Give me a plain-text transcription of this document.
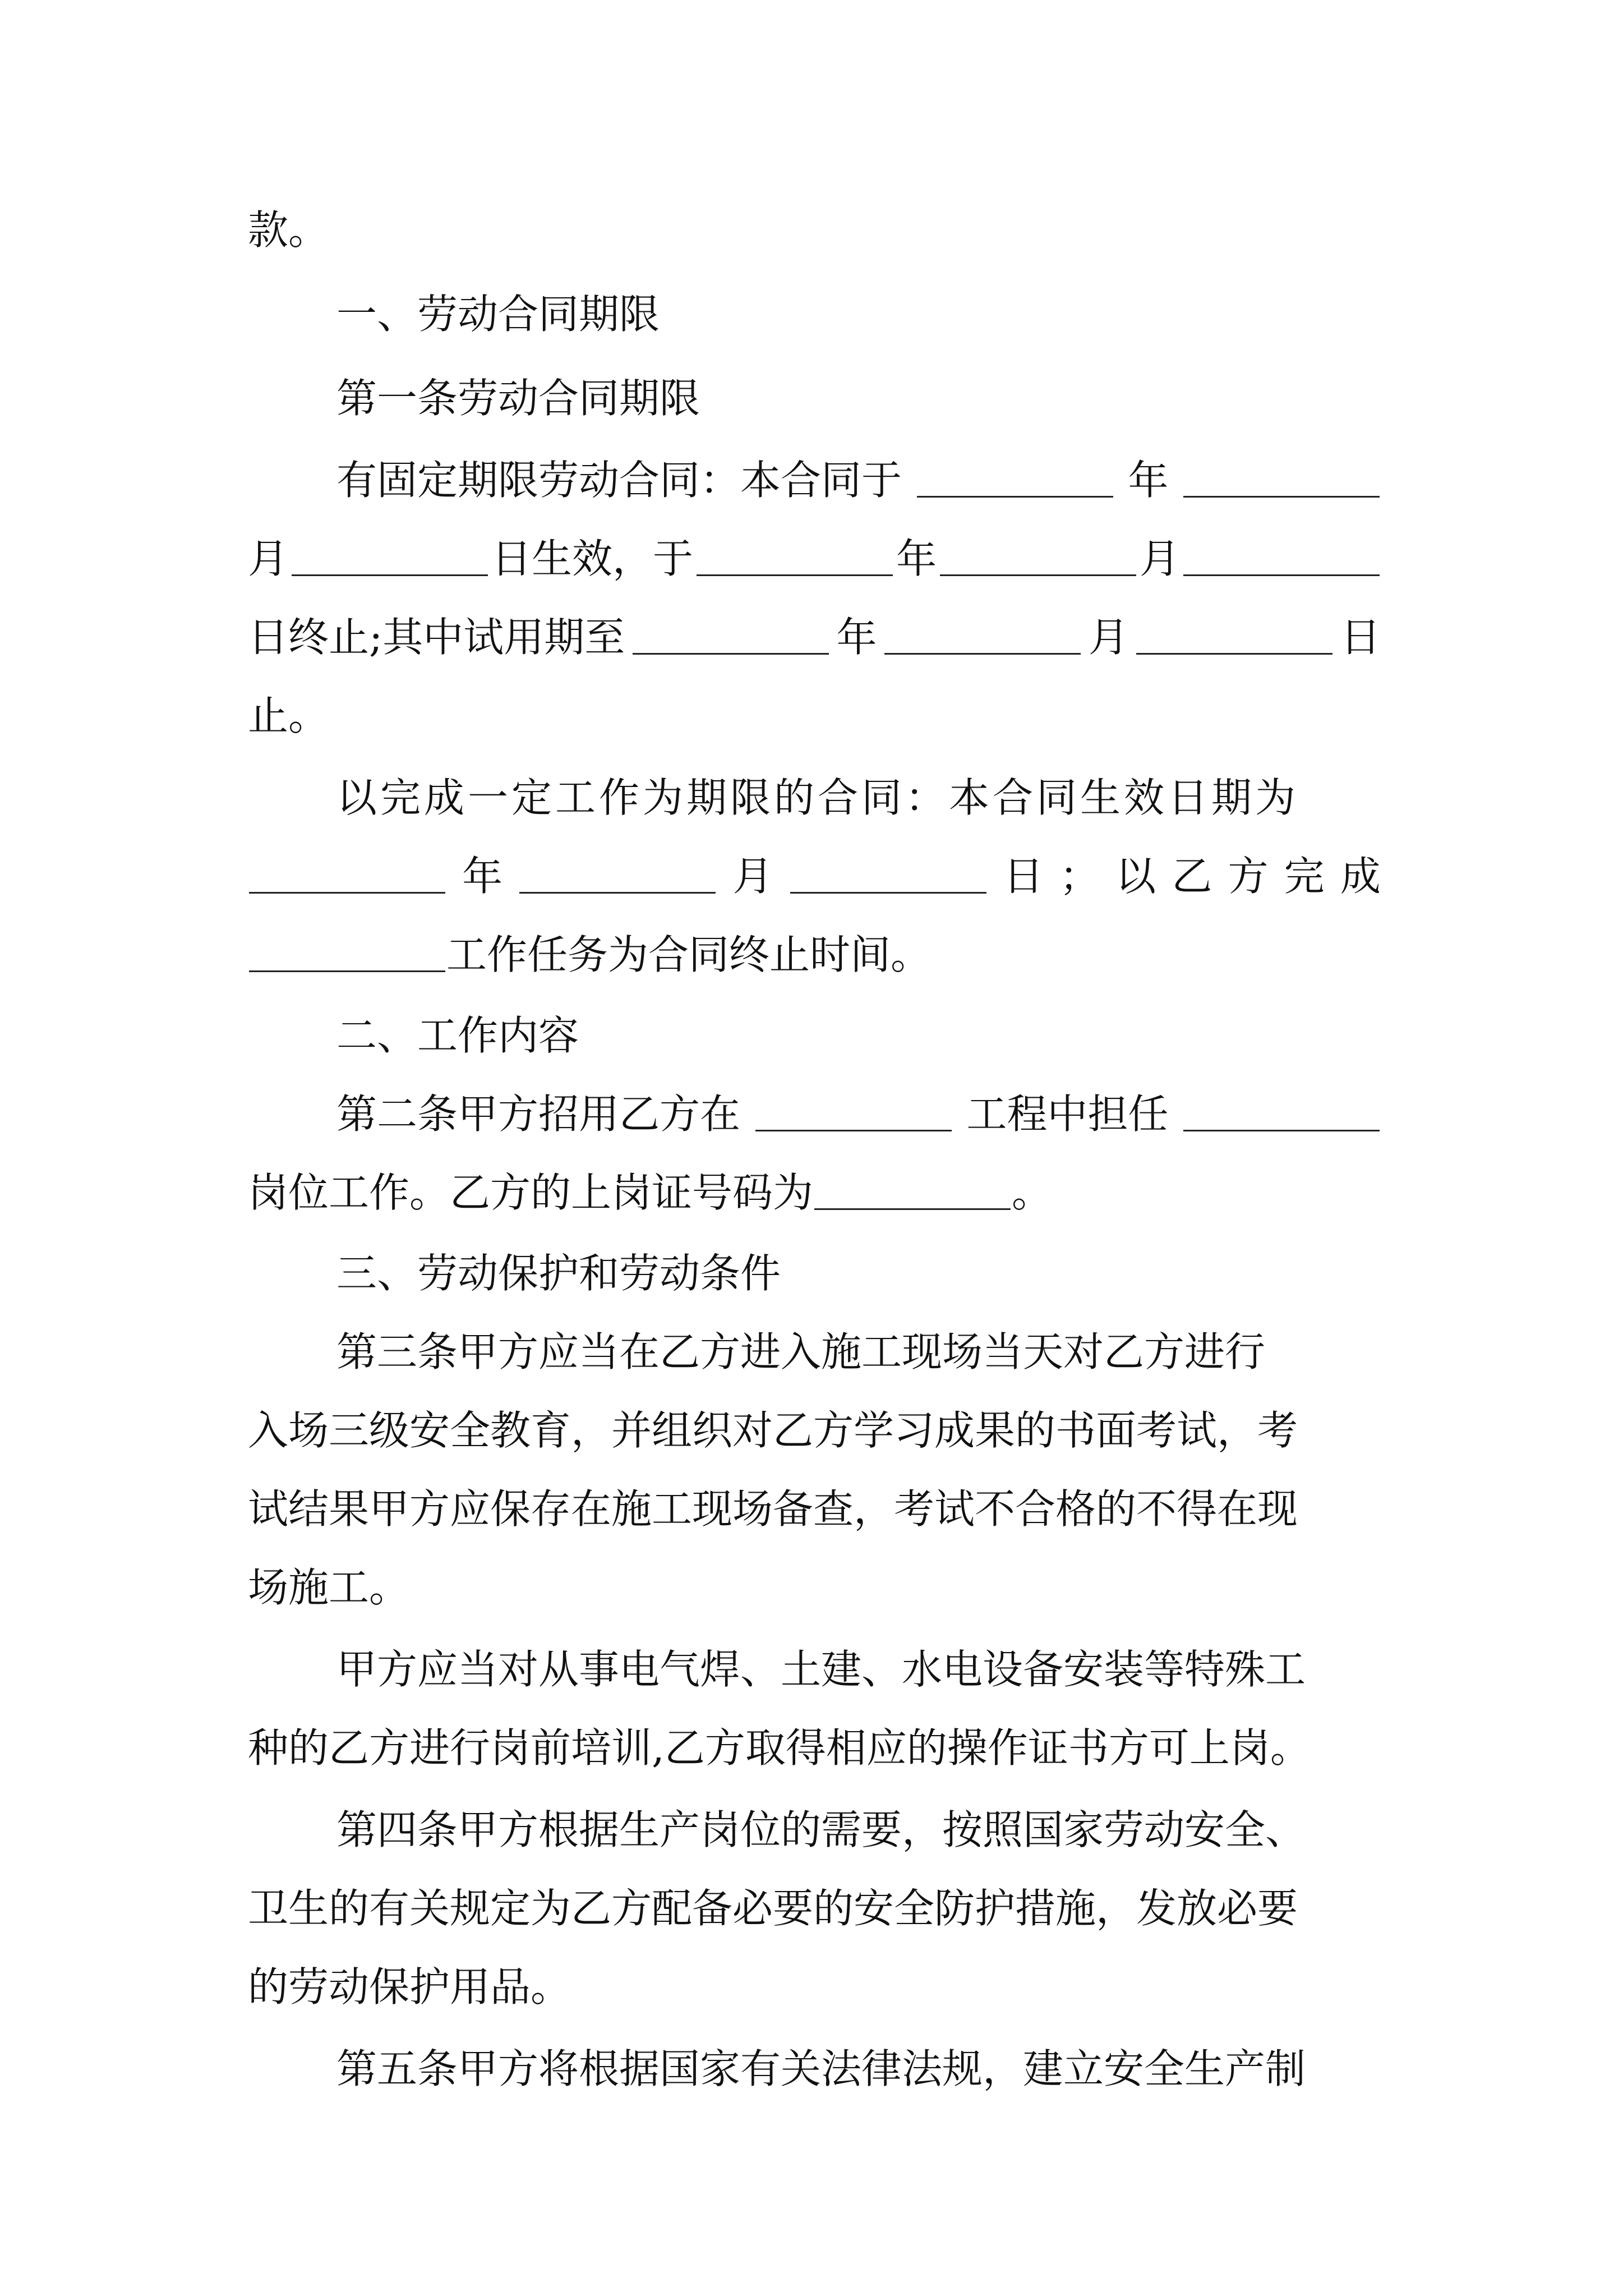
款。
一、劳动合同期限
第一条劳动合同期限
有固定期限劳动合同：本合同于	年
月	日生效，于	年	月
日终止;其中试用期至	年	月	日
止。
以完成一定工作为期限的合同：本合同生效日期为
年	月	日 ； 以 乙 方 完 成
工作任务为合同终止时间。
二、工作内容
第二条甲方招用乙方在	工程中担任
岗位工作。乙方的上岗证号码为	。
三、劳动保护和劳动条件
第三条甲方应当在乙方进入施工现场当天对乙方进行
入场三级安全教育，并组织对乙方学习成果的书面考试，考
试结果甲方应保存在施工现场备查，考试不合格的不得在现
场施工。
甲方应当对从事电气焊、土建、水电设备安装等特殊工
种的乙方进行岗前培训,乙方取得相应的操作证书方可上岗。
第四条甲方根据生产岗位的需要，按照国家劳动安全、
卫生的有关规定为乙方配备必要的安全防护措施，发放必要
的劳动保护用品。
第五条甲方将根据国家有关法律法规，建立安全生产制
